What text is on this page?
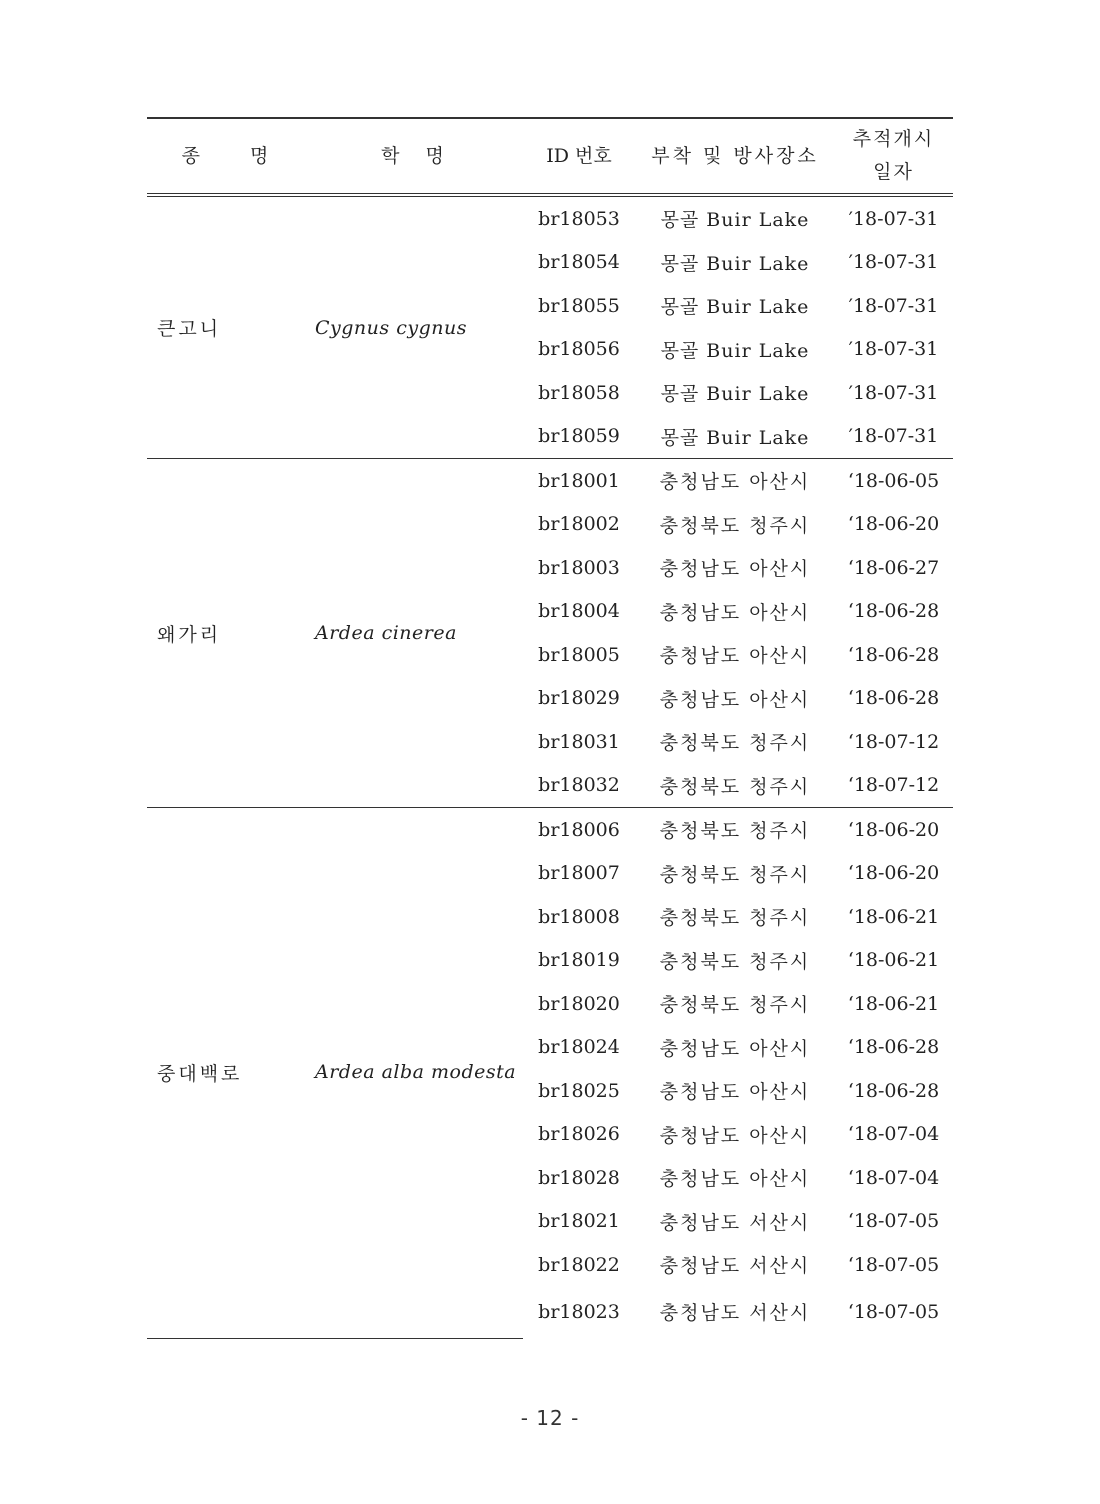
종 명	학 명	ID 번호	부착 및 방사장소	추적개시
일자

큰고니	Cygnus cygnus	br18053	몽골 Buir Lake	′18-07-31
		br18054	몽골 Buir Lake	′18-07-31
		br18055	몽골 Buir Lake	′18-07-31
		br18056	몽골 Buir Lake	′18-07-31
		br18058	몽골 Buir Lake	′18-07-31
		br18059	몽골 Buir Lake	′18-07-31
왜가리	Ardea cinerea	br18001	충청남도 아산시	‘18-06-05
		br18002	충청북도 청주시	‘18-06-20
		br18003	충청남도 아산시	‘18-06-27
		br18004	충청남도 아산시	‘18-06-28
		br18005	충청남도 아산시	‘18-06-28
		br18029	충청남도 아산시	‘18-06-28
		br18031	충청북도 청주시	‘18-07-12
		br18032	충청북도 청주시	‘18-07-12
중대백로	Ardea alba modesta	br18006	충청북도 청주시	‘18-06-20
		br18007	충청북도 청주시	‘18-06-20
		br18008	충청북도 청주시	‘18-06-21
		br18019	충청북도 청주시	‘18-06-21
		br18020	충청북도 청주시	‘18-06-21
		br18024	충청남도 아산시	‘18-06-28
		br18025	충청남도 아산시	‘18-06-28
		br18026	충청남도 아산시	‘18-07-04
		br18028	충청남도 아산시	‘18-07-04
		br18021	충청남도 서산시	‘18-07-05
		br18022	충청남도 서산시	‘18-07-05
		br18023	충청남도 서산시	‘18-07-05
- 12 -
